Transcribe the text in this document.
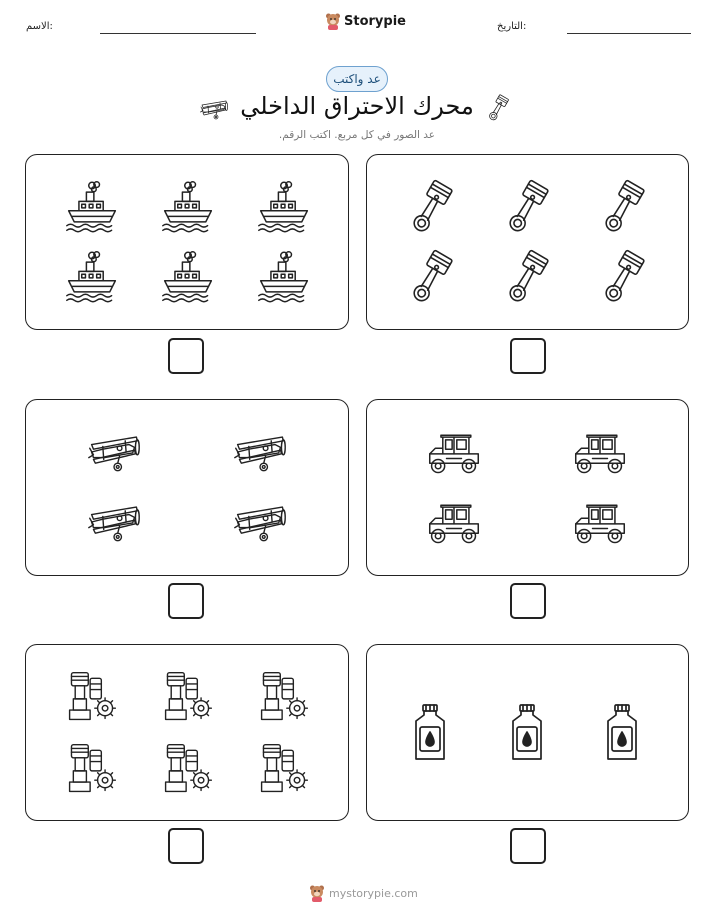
الاسم:	Storypie	التاريخ:
عد واكتب
محرك الاحتراق الداخلي
عد الصور في كل مربع. اكتب الرقم.
mystorypie.com
